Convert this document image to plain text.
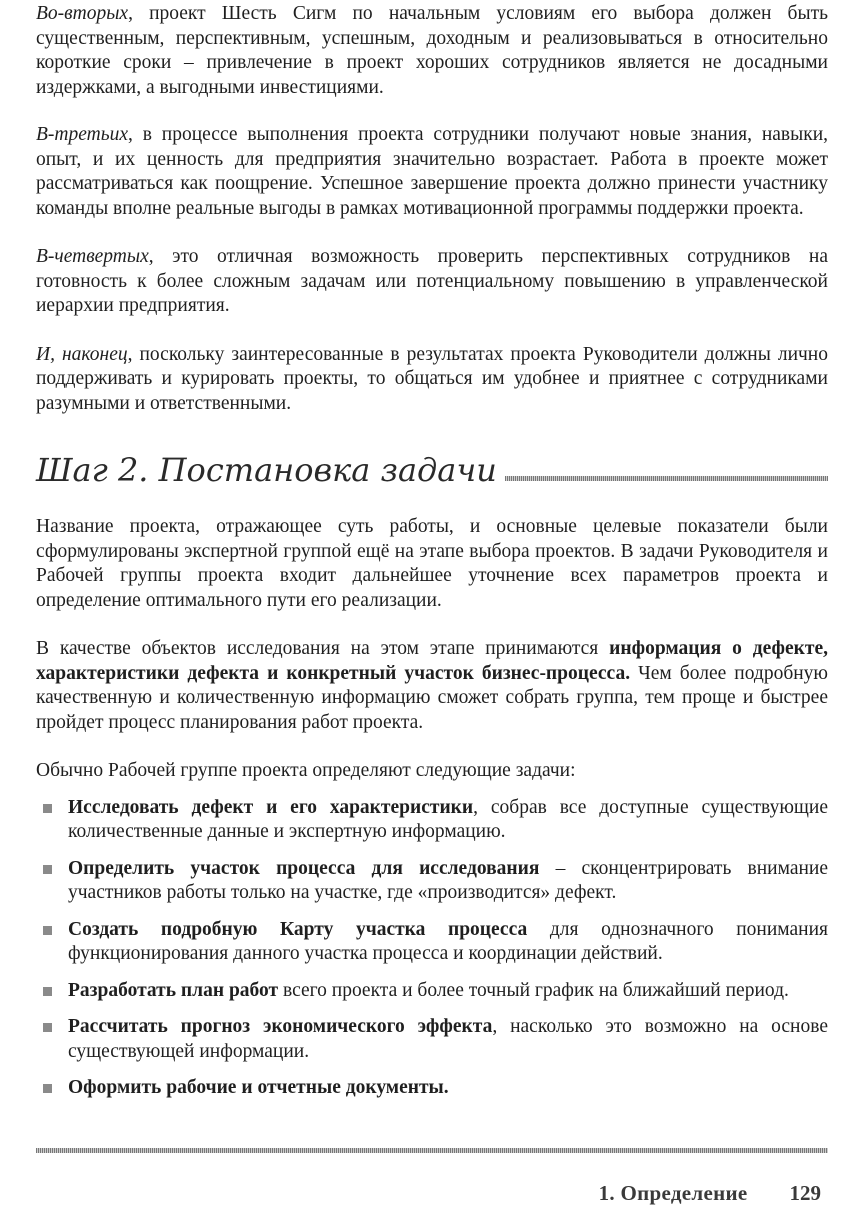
Во-вторых, проект Шесть Сигм по начальным условиям его выбора должен быть существенным, перспективным, успешным, доходным и реализовываться в относительно короткие сроки – привлечение в проект хороших сотрудников является не досадными издержками, а выгодными инвестициями.

В-третьих, в процессе выполнения проекта сотрудники получают новые знания, навыки, опыт, и их ценность для предприятия значительно возрастает. Работа в проекте может рассматриваться как поощрение. Успешное завершение проекта должно принести участнику команды вполне реальные выгоды в рамках мотивационной программы поддержки проекта.

В-четвертых, это отличная возможность проверить перспективных сотрудников на готовность к более сложным задачам или потенциальному повышению в управленческой иерархии предприятия.

И, наконец, поскольку заинтересованные в результатах проекта Руководители должны лично поддерживать и курировать проекты, то общаться им удобнее и приятнее с сотрудниками разумными и ответственными.

Шаг 2. Постановка задачи

Название проекта, отражающее суть работы, и основные целевые показатели были сформулированы экспертной группой ещё на этапе выбора проектов. В задачи Руководителя и Рабочей группы проекта входит дальнейшее уточнение всех параметров проекта и определение оптимального пути его реализации.

В качестве объектов исследования на этом этапе принимаются информация о дефекте, характеристики дефекта и конкретный участок бизнес-процесса. Чем более подробную качественную и количественную информацию сможет собрать группа, тем проще и быстрее пройдет процесс планирования работ проекта.

Обычно Рабочей группе проекта определяют следующие задачи:

Исследовать дефект и его характеристики, собрав все доступные существующие количественные данные и экспертную информацию.
Определить участок процесса для исследования – сконцентрировать внимание участников работы только на участке, где «производится» дефект.
Создать подробную Карту участка процесса для однозначного понимания функционирования данного участка процесса и координации действий.
Разработать план работ всего проекта и более точный график на ближайший период.
Рассчитать прогноз экономического эффекта, насколько это возможно на основе существующей информации.
Оформить рабочие и отчетные документы.
1. Определение 129
